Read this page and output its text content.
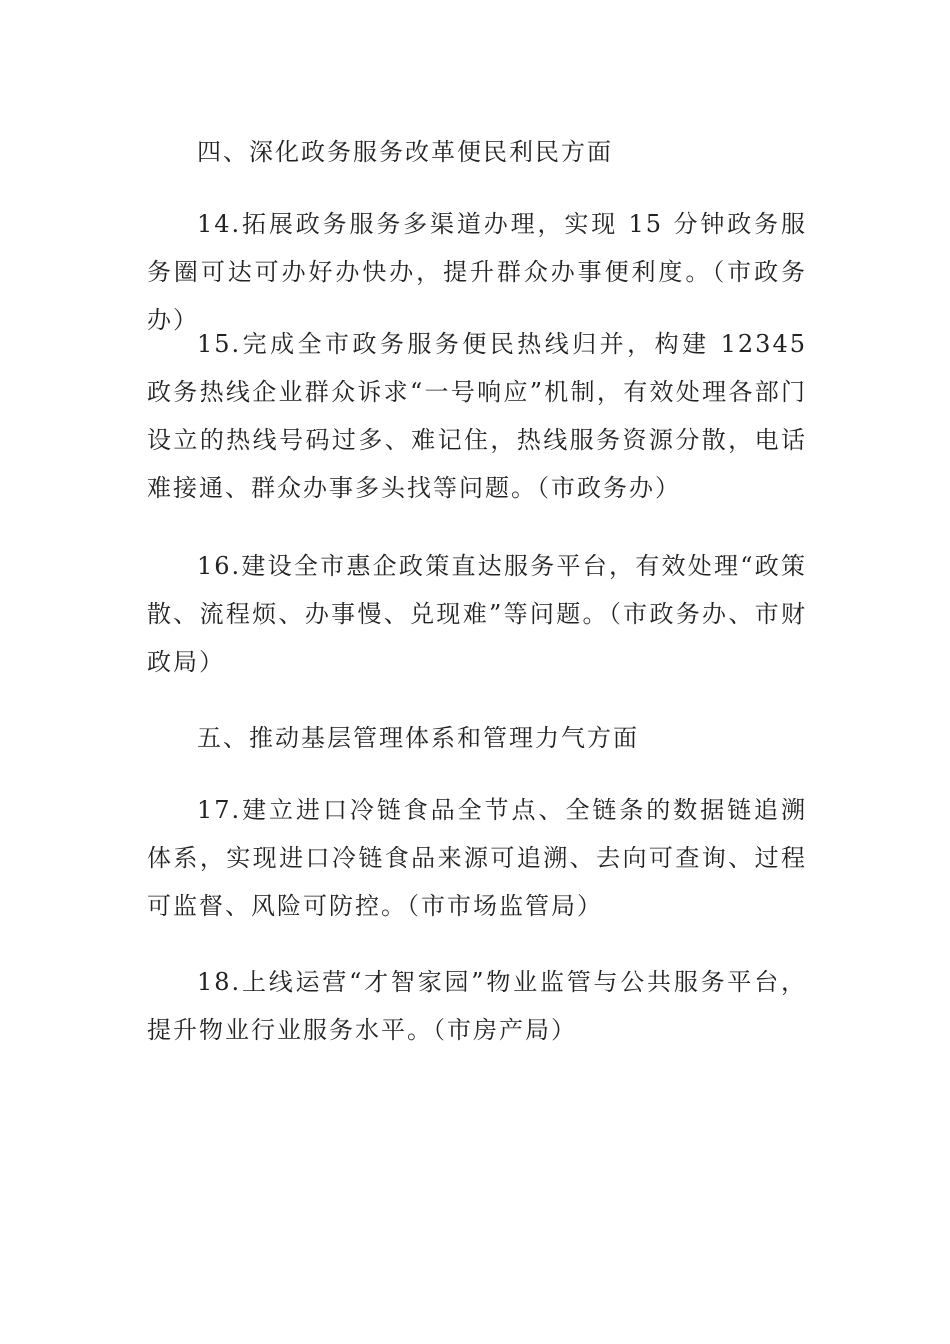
四、深化政务服务改革便民利民方面

14.拓展政务服务多渠道办理，实现 15 分钟政务服务圈可达可办好办快办，提升群众办事便利度。（市政务办）

15.完成全市政务服务便民热线归并，构建 12345 政务热线企业群众诉求“一号响应”机制，有效处理各部门设立的热线号码过多、难记住，热线服务资源分散，电话难接通、群众办事多头找等问题。（市政务办）

16.建设全市惠企政策直达服务平台，有效处理“政策散、流程烦、办事慢、兑现难”等问题。（市政务办、市财政局）

五、推动基层管理体系和管理力气方面

17.建立进口冷链食品全节点、全链条的数据链追溯体系，实现进口冷链食品来源可追溯、去向可查询、过程可监督、风险可防控。（市市场监管局）

18.上线运营“才智家园”物业监管与公共服务平台，提升物业行业服务水平。（市房产局）
